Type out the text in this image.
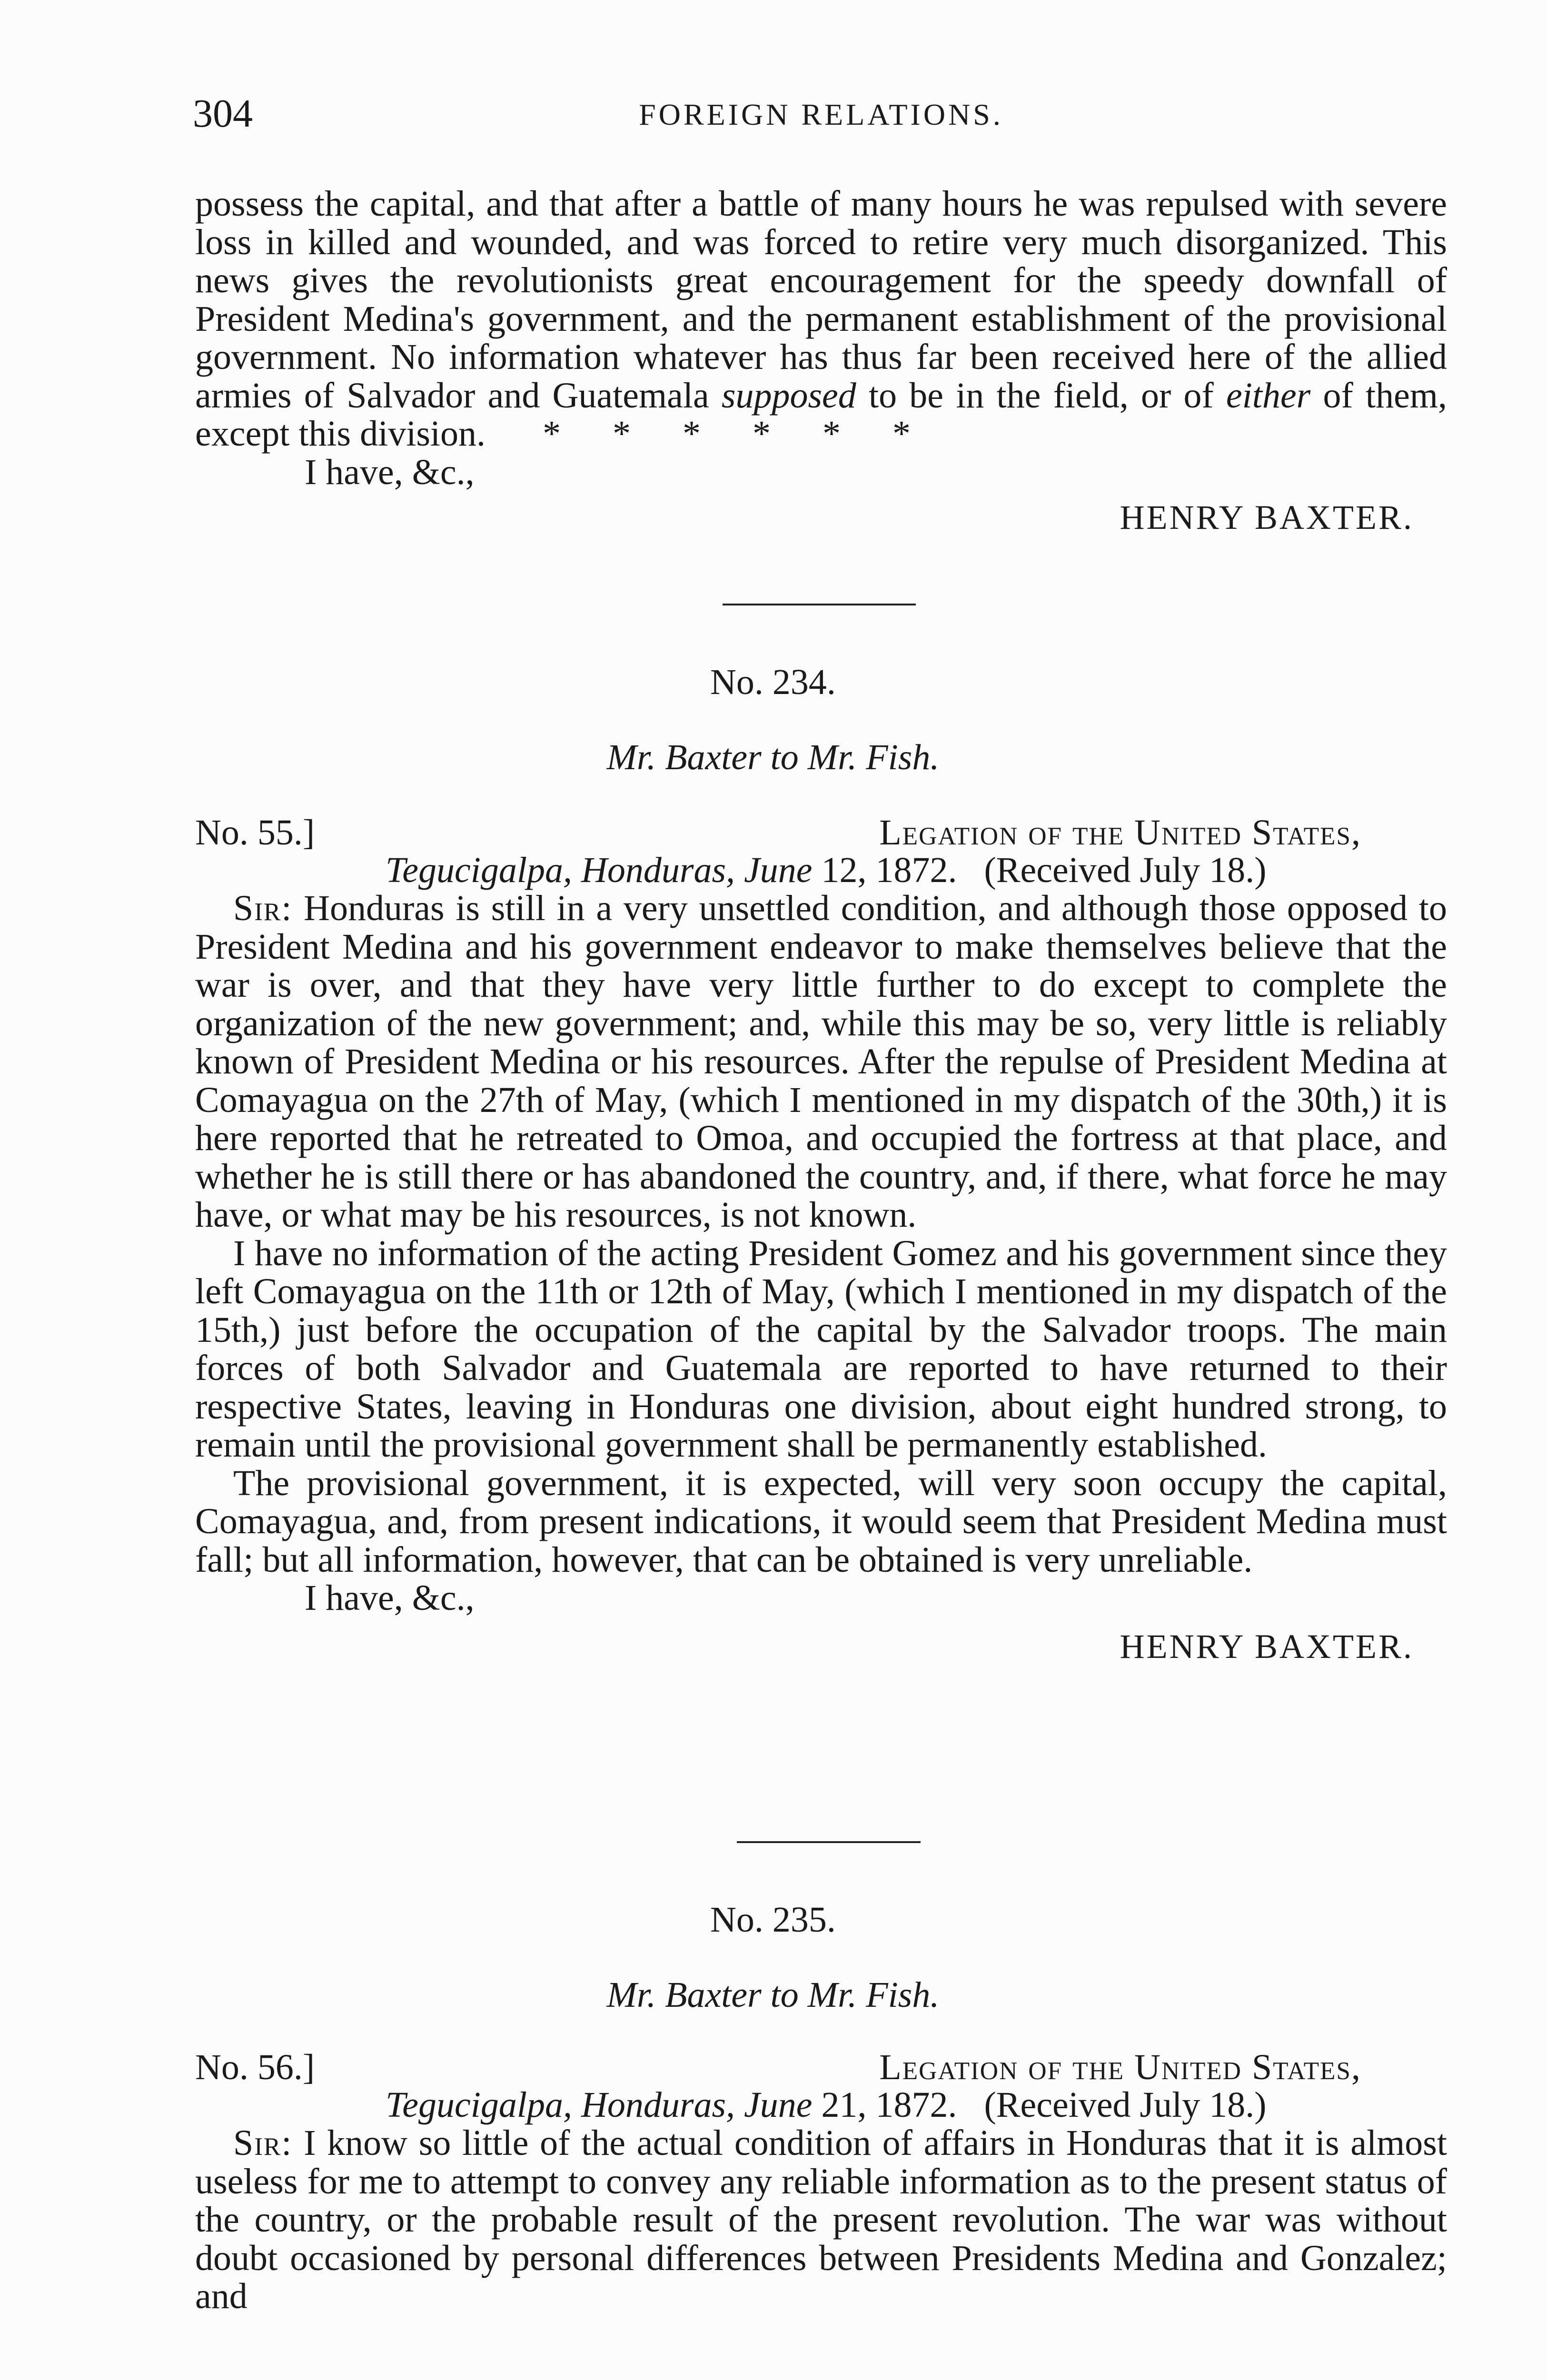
304	FOREIGN RELATIONS.

possess the capital, and that after a battle of many hours he was repulsed with severe loss in killed and wounded, and was forced to retire very much disorganized. This news gives the revolutionists great encouragement for the speedy downfall of President Medina's government, and the permanent establishment of the provisional government. No information whatever has thus far been received here of the allied armies of Salvador and Guatemala supposed to be in the field, or of either of them, except this division. * * * * * *

I have, &c.,
HENRY BAXTER.
No. 234.
Mr. Baxter to Mr. Fish.
No. 55.]	Legation of the United States,
Tegucigalpa, Honduras, June 12, 1872. (Received July 18.)

Sir: Honduras is still in a very unsettled condition, and although those opposed to President Medina and his government endeavor to make themselves believe that the war is over, and that they have very little further to do except to complete the organization of the new government; and, while this may be so, very little is reliably known of President Medina or his resources. After the repulse of President Medina at Comayagua on the 27th of May, (which I mentioned in my dispatch of the 30th,) it is here reported that he retreated to Omoa, and occupied the fortress at that place, and whether he is still there or has abandoned the country, and, if there, what force he may have, or what may be his resources, is not known.

I have no information of the acting President Gomez and his government since they left Comayagua on the 11th or 12th of May, (which I mentioned in my dispatch of the 15th,) just before the occupation of the capital by the Salvador troops. The main forces of both Salvador and Guatemala are reported to have returned to their respective States, leaving in Honduras one division, about eight hundred strong, to remain until the provisional government shall be permanently established.

The provisional government, it is expected, will very soon occupy the capital, Comayagua, and, from present indications, it would seem that President Medina must fall; but all information, however, that can be obtained is very unreliable.

I have, &c.,
HENRY BAXTER.
No. 235.
Mr. Baxter to Mr. Fish.
No. 56.]	Legation of the United States,
Tegucigalpa, Honduras, June 21, 1872. (Received July 18.)

Sir: I know so little of the actual condition of affairs in Honduras that it is almost useless for me to attempt to convey any reliable information as to the present status of the country, or the probable result of the present revolution. The war was without doubt occasioned by personal differences between Presidents Medina and Gonzalez; and
